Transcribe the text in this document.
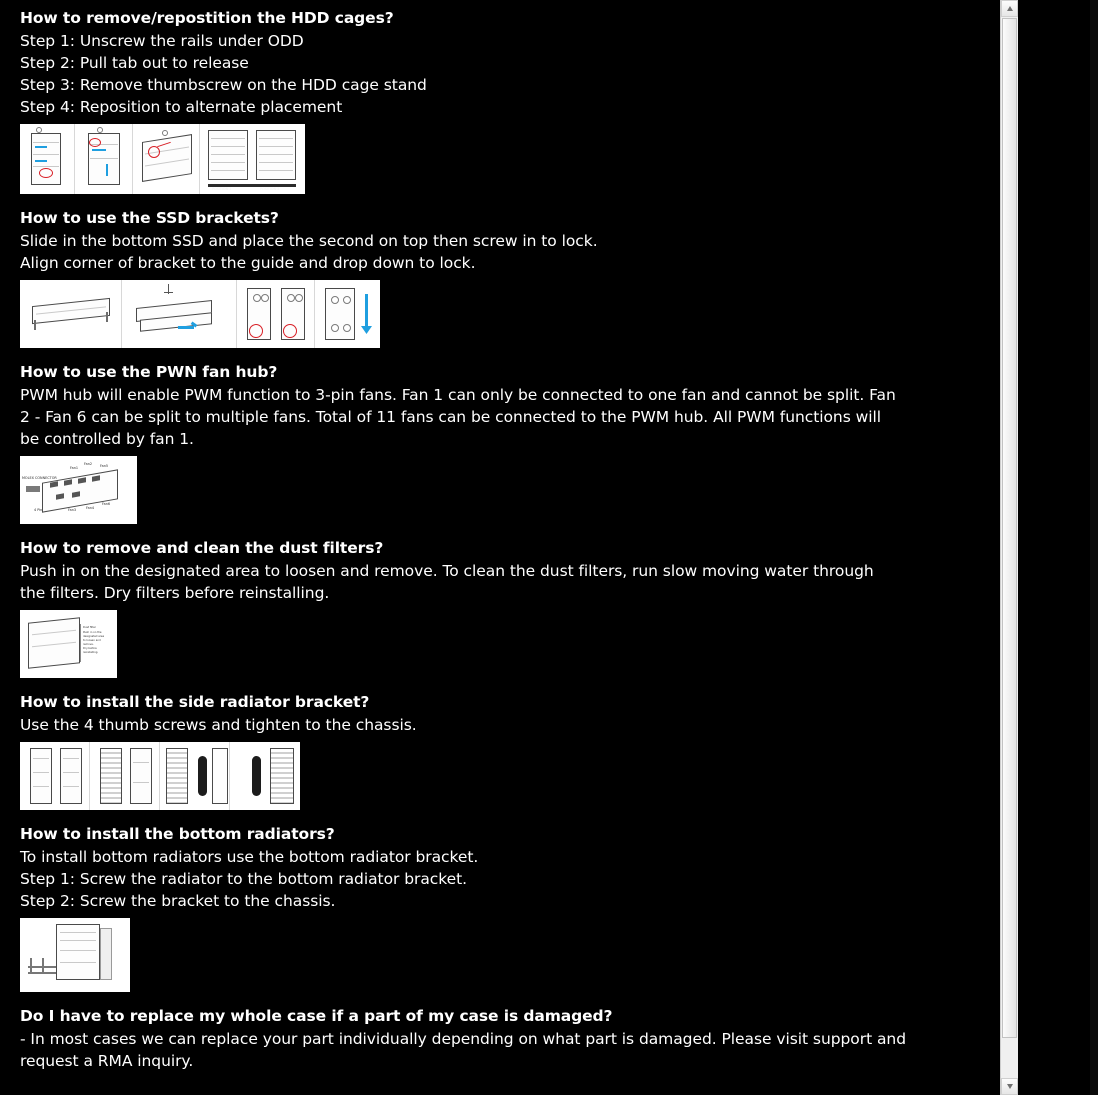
How to remove/repostition the HDD cages?
Step 1: Unscrew the rails under ODD
Step 2: Pull tab out to release
Step 3: Remove thumbscrew on the HDD cage stand
Step 4: Reposition to alternate placement
POSITION 1	POSITION 2
How to use the SSD brackets?
Slide in the bottom SSD and place the second on top then screw in to lock.
Align corner of bracket to the guide and drop down to lock.
How to use the PWN fan hub?
PWM hub will enable PWM function to 3-pin fans. Fan 1 can only be connected to one fan and cannot be split. Fan
2 - Fan 6 can be split to multiple fans. Total of 11 fans can be connected to the PWM hub. All PWM functions will
be controlled by fan 1.
MOLEX CONNECTOR
4 Pin
Fan1
Fan2
Fan3	Fan4
Fan5
Fan6
How to remove and clean the dust filters?
Push in on the designated area to loosen and remove. To clean the dust filters, run slow moving water through
the filters. Dry filters before reinstalling.
Dust filter
Push in on the
designated area
to loosen and
remove.
Dry before
reinstalling.
How to install the side radiator bracket?
Use the 4 thumb screws and tighten to the chassis.
How to install the bottom radiators?
To install bottom radiators use the bottom radiator bracket.
Step 1: Screw the radiator to the bottom radiator bracket.
Step 2: Screw the bracket to the chassis.
Do I have to replace my whole case if a part of my case is damaged?
- In most cases we can replace your part individually depending on what part is damaged. Please visit support and
request a RMA inquiry.
